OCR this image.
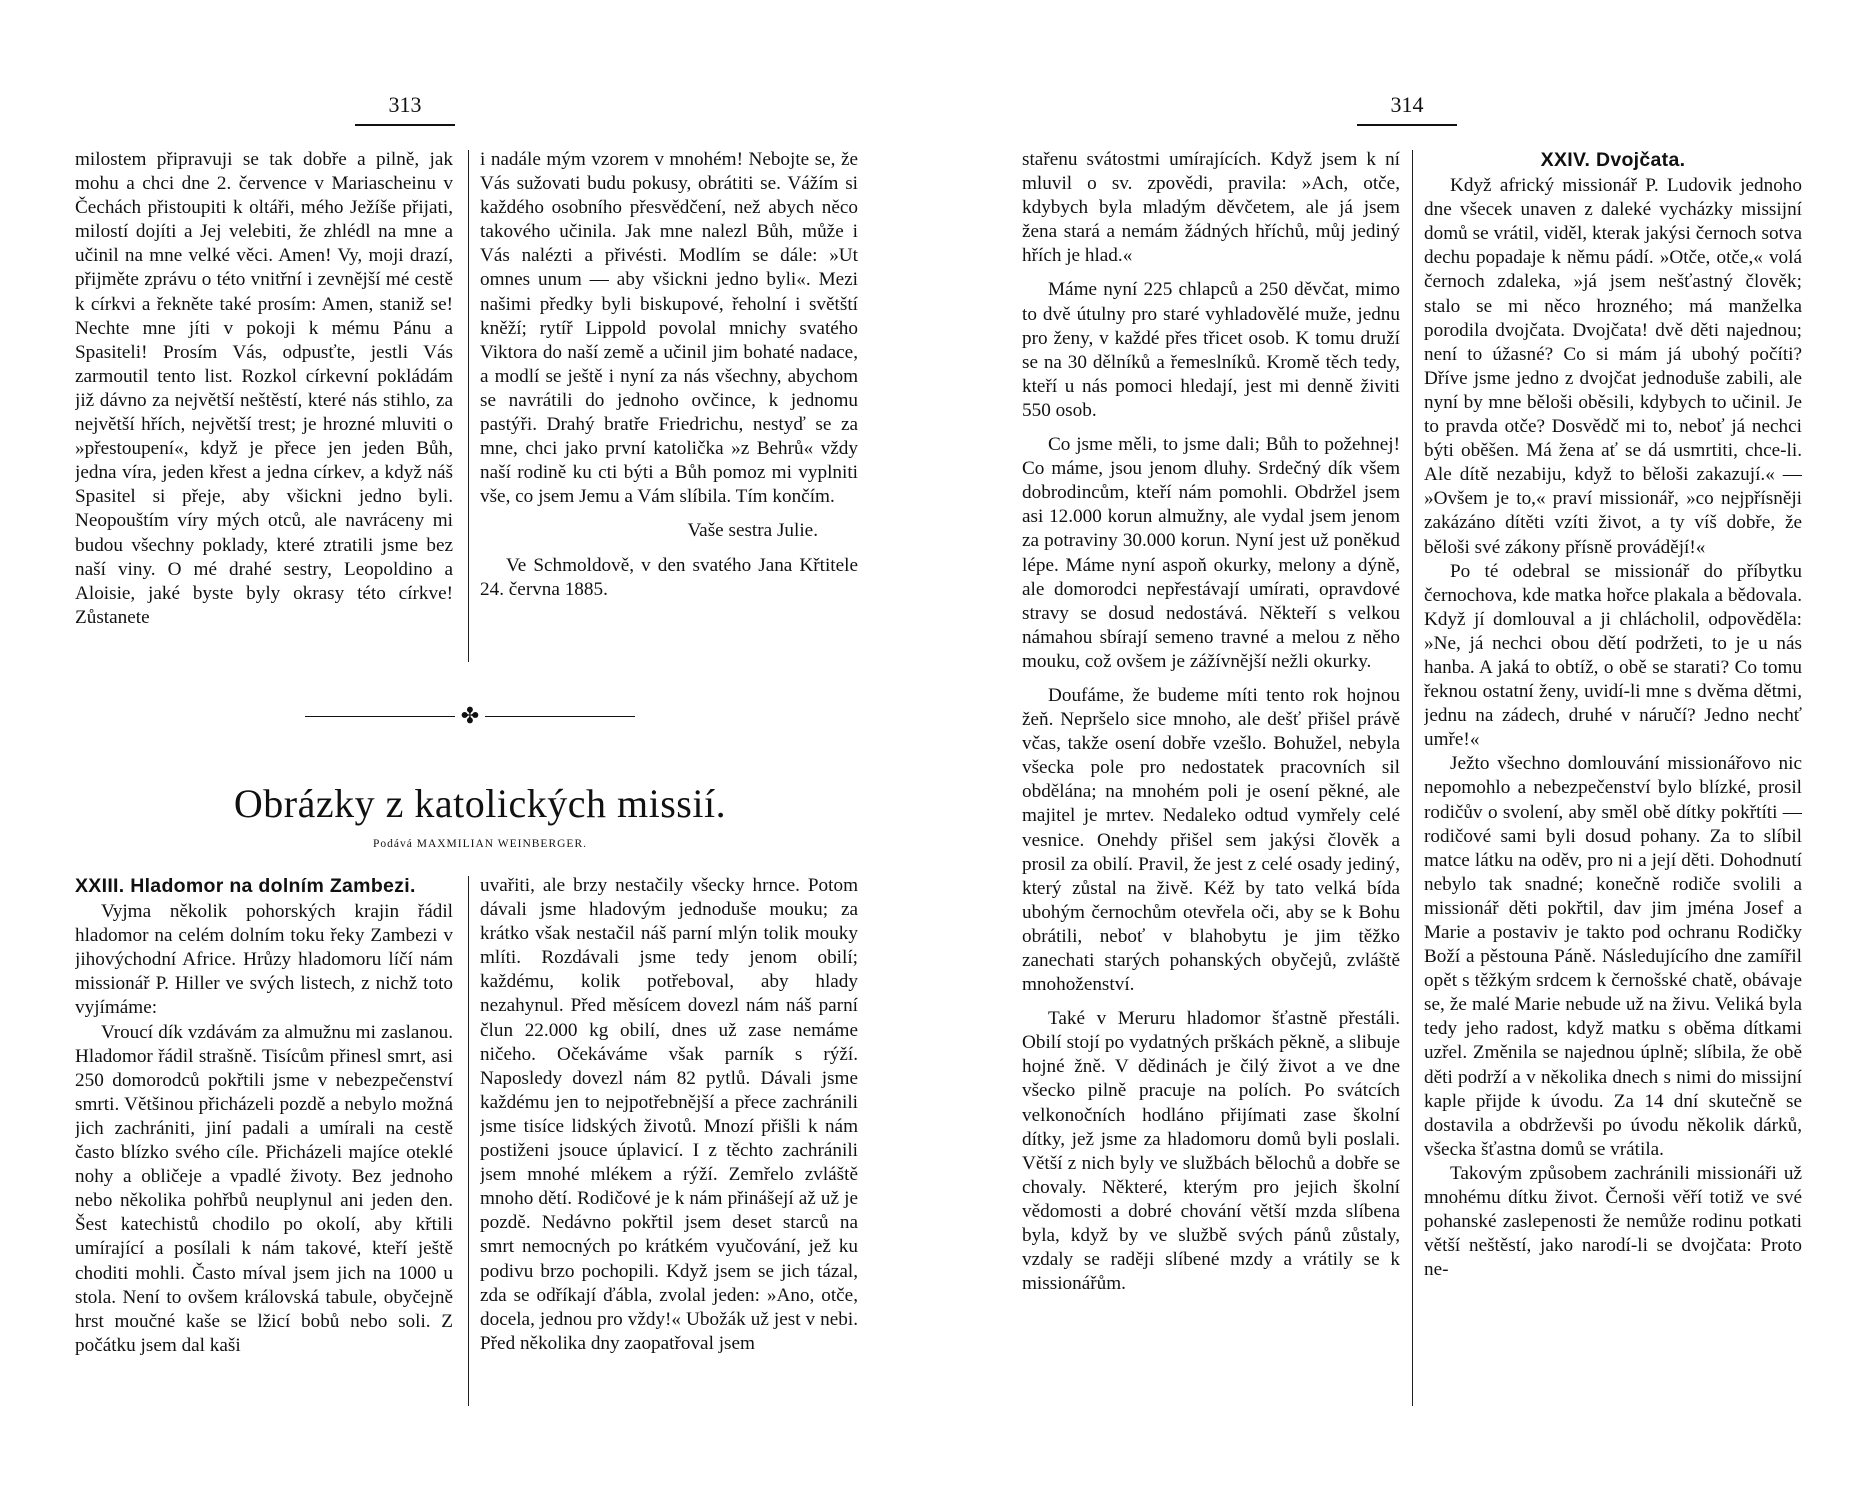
313

milostem připravuji se tak dobře a pilně, jak mohu a chci dne 2. července v Mariascheinu v Čechách přistoupiti k oltáři, mého Ježíše přijati, milostí dojíti a Jej velebiti, že zhlédl na mne a učinil na mne velké věci. Amen! Vy, moji drazí, přijměte zprávu o této vnitřní i zevnější mé cestě k církvi a řekněte také prosím: Amen, staniž se! Nechte mne jíti v pokoji k mému Pánu a Spasiteli! Prosím Vás, odpusťte, jestli Vás zarmoutil tento list. Rozkol církevní pokládám již dávno za největší neštěstí, které nás stihlo, za největší hřích, největší trest; je hrozné mluviti o »přestoupení«, když je přece jen jeden Bůh, jedna víra, jeden křest a jedna církev, a když náš Spasitel si přeje, aby všickni jedno byli. Neopouštím víry mých otců, ale navráceny mi budou všechny poklady, které ztratili jsme bez naší viny. O mé drahé sestry, Leopoldino a Aloisie, jaké byste byly okrasy této církve! Zůstanete

i nadále mým vzorem v mnohém! Nebojte se, že Vás sužovati budu pokusy, obrátiti se. Vážím si každého osobního přesvědčení, než abych něco takového učinila. Jak mne nalezl Bůh, může i Vás nalézti a přivésti. Modlím se dále: »Ut omnes unum — aby všickni jedno byli«. Mezi našimi předky byli biskupové, řeholní i světští kněží; rytíř Lippold povolal mnichy svatého Viktora do naší země a učinil jim bohaté nadace, a modlí se ještě i nyní za nás všechny, abychom se navrátili do jednoho ovčince, k jednomu pastýři. Drahý bratře Friedrichu, nestyď se za mne, chci jako první katolička »z Behrů« vždy naší rodině ku cti býti a Bůh pomoz mi vyplniti vše, co jsem Jemu a Vám slíbila. Tím končím.

Vaše sestra Julie.

Ve Schmoldově, v den svatého Jana Křtitele 24. června 1885.

✤
Obrázky z katolických missií.
Podává MAXMILIAN WEINBERGER.
XXIII. Hladomor na dolním Zambezi.

Vyjma několik pohorských krajin řádil hladomor na celém dolním toku řeky Zambezi v jihovýchodní Africe. Hrůzy hladomoru líčí nám missionář P. Hiller ve svých listech, z nichž toto vyjímáme:

Vroucí dík vzdávám za almužnu mi zaslanou. Hladomor řádil strašně. Tisícům přinesl smrt, asi 250 domorodců pokřtili jsme v nebezpečenství smrti. Většinou přicházeli pozdě a nebylo možná jich zachrániti, jiní padali a umírali na cestě často blízko svého cíle. Přicházeli majíce oteklé nohy a obličeje a vpadlé životy. Bez jednoho nebo několika pohřbů neuplynul ani jeden den. Šest katechistů chodilo po okolí, aby křtili umírající a posílali k nám takové, kteří ještě choditi mohli. Často míval jsem jich na 1000 u stola. Není to ovšem královská tabule, obyčejně hrst moučné kaše se lžicí bobů nebo soli. Z počátku jsem dal kaši

uvařiti, ale brzy nestačily všecky hrnce. Potom dávali jsme hladovým jednoduše mouku; za krátko však nestačil náš parní mlýn tolik mouky mlíti. Rozdávali jsme tedy jenom obilí; každému, kolik potřeboval, aby hlady nezahynul. Před měsícem dovezl nám náš parní člun 22.000 kg obilí, dnes už zase nemáme ničeho. Očekáváme však parník s rýží. Naposledy dovezl nám 82 pytlů. Dávali jsme každému jen to nejpotřebnější a přece zachránili jsme tisíce lidských životů. Mnozí přišli k nám postiženi jsouce úplavicí. I z těchto zachránili jsem mnohé mlékem a rýží. Zemřelo zvláště mnoho dětí. Rodičové je k nám přinášejí až už je pozdě. Nedávno pokřtil jsem deset starců na smrt nemocných po krátkém vyučování, jež ku podivu brzo pochopili. Když jsem se jich tázal, zda se odříkají ďábla, zvolal jeden: »Ano, otče, docela, jednou pro vždy!« Ubožák už jest v nebi. Před několika dny zaopatřoval jsem

314

stařenu svátostmi umírajících. Když jsem k ní mluvil o sv. zpovědi, pravila: »Ach, otče, kdybych byla mladým děvčetem, ale já jsem žena stará a nemám žádných hříchů, můj jediný hřích je hlad.«

Máme nyní 225 chlapců a 250 děvčat, mimo to dvě útulny pro staré vyhladovělé muže, jednu pro ženy, v každé přes třicet osob. K tomu druží se na 30 dělníků a řemeslníků. Kromě těch tedy, kteří u nás pomoci hledají, jest mi denně živiti 550 osob.

Co jsme měli, to jsme dali; Bůh to požehnej! Co máme, jsou jenom dluhy. Srdečný dík všem dobrodincům, kteří nám pomohli. Obdržel jsem asi 12.000 korun almužny, ale vydal jsem jenom za potraviny 30.000 korun. Nyní jest už poněkud lépe. Máme nyní aspoň okurky, melony a dýně, ale domorodci nepřestávají umírati, opravdové stravy se dosud nedostává. Někteří s velkou námahou sbírají semeno travné a melou z něho mouku, což ovšem je zážívnější nežli okurky.

Doufáme, že budeme míti tento rok hojnou žeň. Nepršelo sice mnoho, ale dešť přišel právě včas, takže osení dobře vzešlo. Bohužel, nebyla všecka pole pro nedostatek pracovních sil obdělána; na mnohém poli je osení pěkné, ale majitel je mrtev. Nedaleko odtud vymřely celé vesnice. Onehdy přišel sem jakýsi člověk a prosil za obilí. Pravil, že jest z celé osady jediný, který zůstal na živě. Kéž by tato velká bída ubohým černochům otevřela oči, aby se k Bohu obrátili, neboť v blahobytu je jim těžko zanechati starých pohanských obyčejů, zvláště mnohoženství.

Také v Meruru hladomor šťastně přestáli. Obilí stojí po vydatných prškách pěkně, a slibuje hojné žně. V dědinách je čilý život a ve dne všecko pilně pracuje na polích. Po svátcích velkonočních hodláno přijímati zase školní dítky, jež jsme za hladomoru domů byli poslali. Větší z nich byly ve službách bělochů a dobře se chovaly. Některé, kterým pro jejich školní vědomosti a dobré chování větší mzda slíbena byla, když by ve službě svých pánů zůstaly, vzdaly se raději slíbené mzdy a vrátily se k missionářům.

XXIV. Dvojčata.

Když africký missionář P. Ludovik jednoho dne všecek unaven z daleké vycházky missijní domů se vrátil, viděl, kterak jakýsi černoch sotva dechu popadaje k němu pádí. »Otče, otče,« volá černoch zdaleka, »já jsem nešťastný člověk; stalo se mi něco hrozného; má manželka porodila dvojčata. Dvojčata! dvě děti najednou; není to úžasné? Co si mám já ubohý počíti? Dříve jsme jedno z dvojčat jednoduše zabili, ale nyní by mne běloši oběsili, kdybych to učinil. Je to pravda otče? Dosvědč mi to, neboť já nechci býti oběšen. Má žena ať se dá usmrtiti, chce-li. Ale dítě nezabiju, když to běloši zakazují.« — »Ovšem je to,« praví missionář, »co nejpřísněji zakázáno dítěti vzíti život, a ty víš dobře, že běloši své zákony přísně provádějí!«

Po té odebral se missionář do příbytku černochova, kde matka hořce plakala a bědovala. Když jí domlouval a ji chlácholil, odpověděla: »Ne, já nechci obou dětí podržeti, to je u nás hanba. A jaká to obtíž, o obě se starati? Co tomu řeknou ostatní ženy, uvidí-li mne s dvěma dětmi, jednu na zádech, druhé v náručí? Jedno nechť umře!«

Ježto všechno domlouvání missionářovo nic nepomohlo a nebezpečenství bylo blízké, prosil rodičův o svolení, aby směl obě dítky pokřtíti — rodičové sami byli dosud pohany. Za to slíbil matce látku na oděv, pro ni a její děti. Dohodnutí nebylo tak snadné; konečně rodiče svolili a missionář děti pokřtil, dav jim jména Josef a Marie a postaviv je takto pod ochranu Rodičky Boží a pěstouna Páně. Následujícího dne zamířil opět s těžkým srdcem k černošské chatě, obávaje se, že malé Marie nebude už na živu. Veliká byla tedy jeho radost, když matku s oběma dítkami uzřel. Změnila se najednou úplně; slíbila, že obě děti podrží a v několika dnech s nimi do missijní kaple přijde k úvodu. Za 14 dní skutečně se dostavila a obdrževši po úvodu několik dárků, všecka šťastna domů se vrátila.

Takovým způsobem zachránili missionáři už mnohému dítku život. Černoši věří totiž ve své pohanské zaslepenosti že nemůže rodinu potkati větší neštěstí, jako narodí-li se dvojčata: Proto ne-
